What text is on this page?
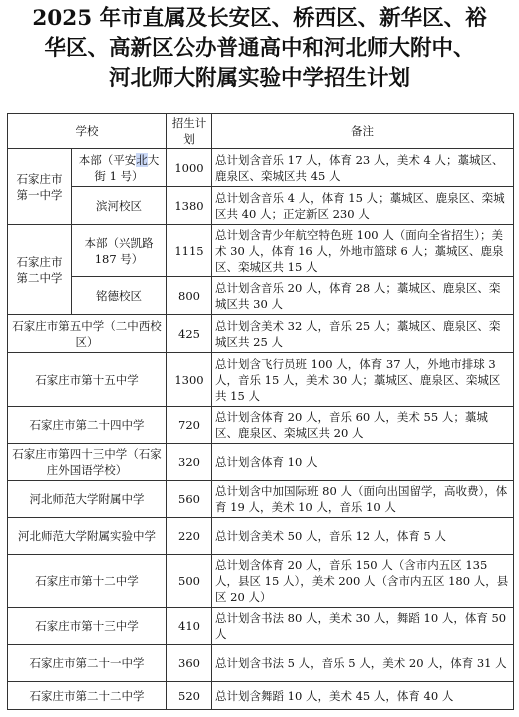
2025 年市直属及长安区、桥西区、新华区、裕
华区、高新区公办普通高中和河北师大附中、
河北师大附属实验中学招生计划
学校		招生计划	备注
石家庄市第一中学	本部（平安北大街 1 号）	1000	总计划含音乐 17 人，体育 23 人，美术 4 人；藁城区、鹿泉区、栾城区共 45 人
	滨河校区	1380	总计划含音乐 4 人，体育 15 人；藁城区、鹿泉区、栾城区共 40 人；正定新区 230 人
石家庄市第二中学	本部（兴凯路 187 号）	1115	总计划含青少年航空特色班 100 人（面向全省招生）；美术 30 人，体育 16 人，外地市篮球 6 人；藁城区、鹿泉区、栾城区共 15 人
	铭德校区	800	总计划含音乐 20 人，体育 28 人；藁城区、鹿泉区、栾城区共 30 人
石家庄市第五中学（二中西校区）		425	总计划含美术 32 人，音乐 25 人；藁城区、鹿泉区、栾城区共 25 人
石家庄市第十五中学		1300	总计划含飞行员班 100 人，体育 37 人，外地市排球 3 人，音乐 15 人，美术 30 人；藁城区、鹿泉区、栾城区共 15 人
石家庄市第二十四中学		720	总计划含体育 20 人，音乐 60 人，美术 55 人；藁城区、鹿泉区、栾城区共 20 人
石家庄市第四十三中学（石家庄外国语学校）		320	总计划含体育 10 人
河北师范大学附属中学		560	总计划含中加国际班 80 人（面向出国留学，高收费），体育 19 人，美术 10 人，音乐 10 人
河北师范大学附属实验中学		220	总计划含美术 50 人，音乐 12 人，体育 5 人
石家庄市第十二中学		500	总计划含体育 20 人，音乐 150 人（含市内五区 135 人，县区 15 人），美术 200 人（含市内五区 180 人，县区 20 人）
石家庄市第十三中学		410	总计划含书法 80 人，美术 30 人，舞蹈 10 人，体育 50 人
石家庄市第二十一中学		360	总计划含书法 5 人，音乐 5 人，美术 20 人，体育 31 人
石家庄市第二十二中学		520	总计划含舞蹈 10 人，美术 45 人，体育 40 人
